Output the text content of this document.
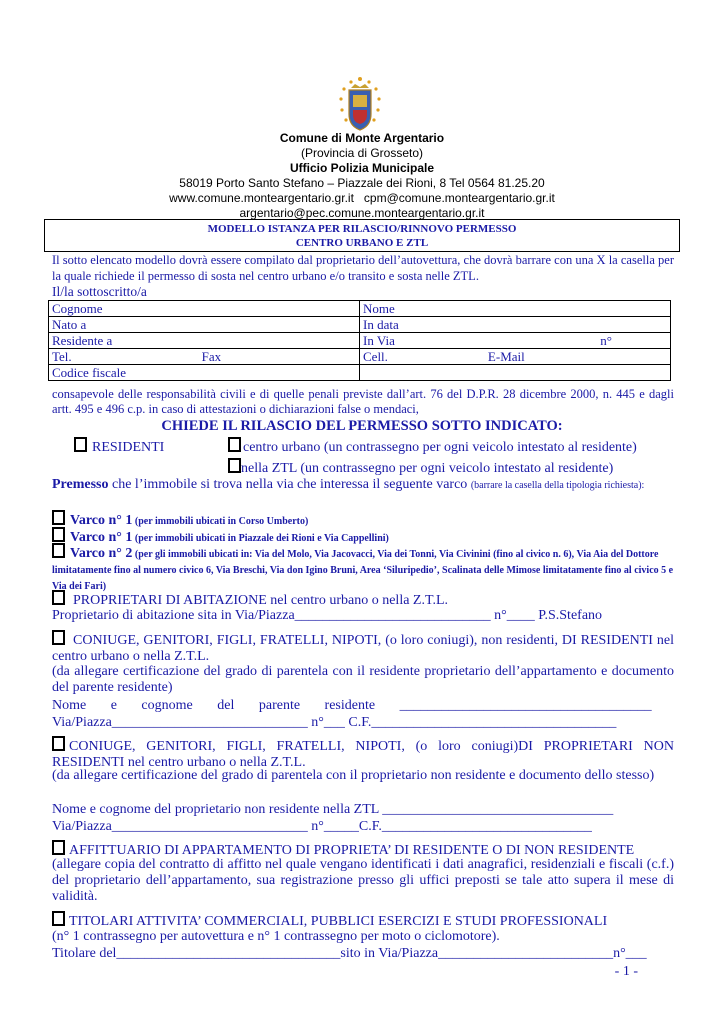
Comune di Monte Argentario
(Provincia di Grosseto)
Ufficio Polizia Municipale
58019 Porto Santo Stefano – Piazzale dei Rioni, 8 Tel 0564 81.25.20
www.comune.monteargentario.gr.it   cpm@comune.monteargentario.gr.it
argentario@pec.comune.monteargentario.gr.it
MODELLO ISTANZA PER RILASCIO/RINNOVO PERMESSO
CENTRO URBANO E ZTL
Il sotto elencato modello dovrà essere compilato dal proprietario dell’autovettura, che dovrà barrare con una X la casella per la quale richiede il permesso di sosta nel centro urbano e/o transito e sosta nelle ZTL.
Il/la sottoscritto/a
Cognome	Nome
Nato a	In data
Residente a	In Via n°

Tel. Fax	Cell. E-Mail
Codice fiscale	
consapevole delle responsabilità civili e di quelle penali previste dall’art. 76 del D.P.R. 28 dicembre 2000, n. 445 e dagli artt. 495 e 496 c.p. in caso di attestazioni o dichiarazioni false o mendaci,
CHIEDE IL RILASCIO DEL PERMESSO SOTTO INDICATO:
RESIDENTI	centro urbano (un contrassegno per ogni veicolo intestato al residente)
nella ZTL (un contrassegno per ogni veicolo intestato al residente)
Premesso che l’immobile si trova nella via che interessa il seguente varco (barrare la casella della tipologia richiesta):
Varco n° 1 (per immobili ubicati in Corso Umberto)
Varco n° 1 (per immobili ubicati in Piazzale dei Rioni e Via Cappellini)
Varco n° 2 (per gli immobili ubicati in: Via del Molo, Via Jacovacci, Via dei Tonni, Via Civinini (fino al civico n. 6), Via Aia del Dottore limitatamente fino al numero civico 6, Via Breschi, Via don Igino Bruni, Area ‘Siluripedio’, Scalinata delle Mimose limitatamente fino al civico 5 e Via dei Fari)
PROPRIETARI DI ABITAZIONE nel centro urbano o nella Z.T.L.
Proprietario di abitazione sita in Via/Piazza____________________________ n°____ P.S.Stefano
CONIUGE, GENITORI, FIGLI, FRATELLI, NIPOTI, (o loro coniugi), non residenti, DI RESIDENTI nel centro urbano o nella Z.T.L.
(da allegare certificazione del grado di parentela con il residente proprietario dell’appartamento e documento del parente residente)
Nome       e       cognome       del       parente       residente       ____________________________________
Via/Piazza____________________________ n°___ C.F.___________________________________
CONIUGE, GENITORI, FIGLI, FRATELLI, NIPOTI, (o loro coniugi)DI PROPRIETARI NON RESIDENTI nel centro urbano o nella Z.T.L.
(da allegare certificazione del grado di parentela con il proprietario non residente e documento dello stesso)
Nome e cognome del proprietario non residente nella ZTL _________________________________
Via/Piazza____________________________ n°_____C.F.______________________________
AFFITTUARIO DI APPARTAMENTO DI PROPRIETA’ DI RESIDENTE O DI NON RESIDENTE
(allegare copia del contratto di affitto nel quale vengano identificati i dati anagrafici, residenziali e fiscali (c.f.) del proprietario dell’appartamento, sua registrazione presso gli uffici preposti se tale atto supera il mese di validità.
TITOLARI ATTIVITA’ COMMERCIALI, PUBBLICI ESERCIZI E STUDI PROFESSIONALI
(n° 1 contrassegno per autovettura e n° 1 contrassegno per moto o ciclomotore).
Titolare del________________________________sito in Via/Piazza_________________________n°___
- 1 -
